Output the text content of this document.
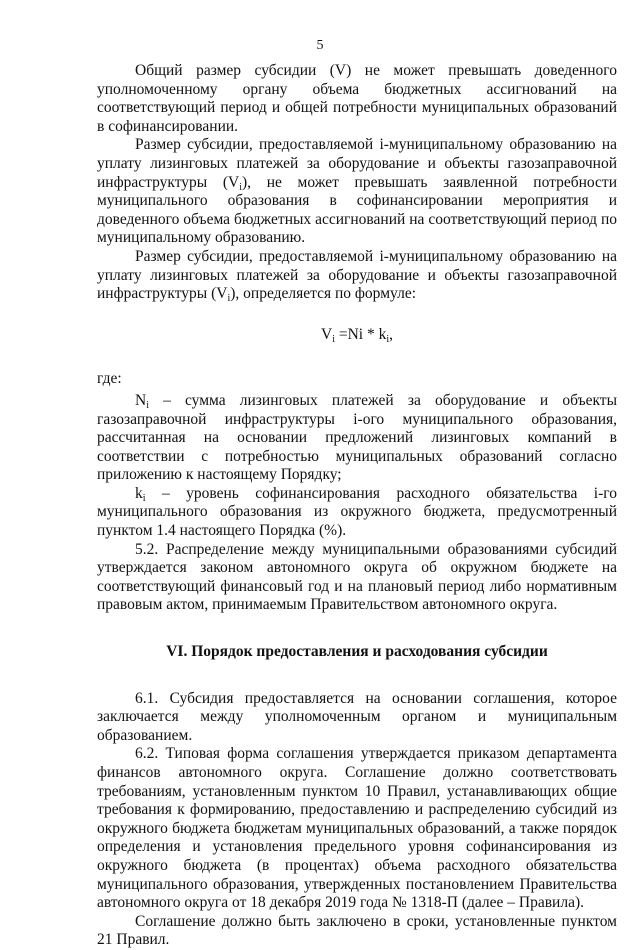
5

Общий размер субсидии (V) не может превышать доведенного уполномоченному органу объема бюджетных ассигнований на соответствующий период и общей потребности муниципальных образований в софинансировании.

Размер субсидии, предоставляемой i-муниципальному образованию на уплату лизинговых платежей за оборудование и объекты газозаправочной инфраструктуры $(V_i)$, не может превышать заявленной потребности муниципального образования в софинансировании мероприятия и доведенного объема бюджетных ассигнований на соответствующий период по муниципальному образованию.

Размер субсидии, предоставляемой i-муниципальному образованию на уплату лизинговых платежей за оборудование и объекты газозаправочной инфраструктуры $(V_i)$, определяется по формуле:

$V_i =Ni * k_i$,

где:

$N_i$ – сумма лизинговых платежей за оборудование и объекты газозаправочной инфраструктуры i-ого муниципального образования, рассчитанная на основании предложений лизинговых компаний в соответствии с потребностью муниципальных образований согласно приложению к настоящему Порядку;

$k_i$ – уровень софинансирования расходного обязательства i-го муниципального образования из окружного бюджета, предусмотренный пунктом 1.4 настоящего Порядка (%).

5.2. Распределение между муниципальными образованиями субсидий утверждается законом автономного округа об окружном бюджете на соответствующий финансовый год и на плановый период либо нормативным правовым актом, принимаемым Правительством автономного округа.

VI. Порядок предоставления и расходования субсидии

6.1. Субсидия предоставляется на основании соглашения, которое заключается между уполномоченным органом и муниципальным образованием.

6.2. Типовая форма соглашения утверждается приказом департамента финансов автономного округа. Соглашение должно соответствовать требованиям, установленным пунктом 10 Правил, устанавливающих общие требования к формированию, предоставлению и распределению субсидий из окружного бюджета бюджетам муниципальных образований, а также порядок определения и установления предельного уровня софинансирования из окружного бюджета (в процентах) объема расходного обязательства муниципального образования, утвержденных постановлением Правительства автономного округа от 18 декабря 2019 года № 1318-П (далее – Правила).

Соглашение должно быть заключено в сроки, установленные пунктом 21 Правил.
